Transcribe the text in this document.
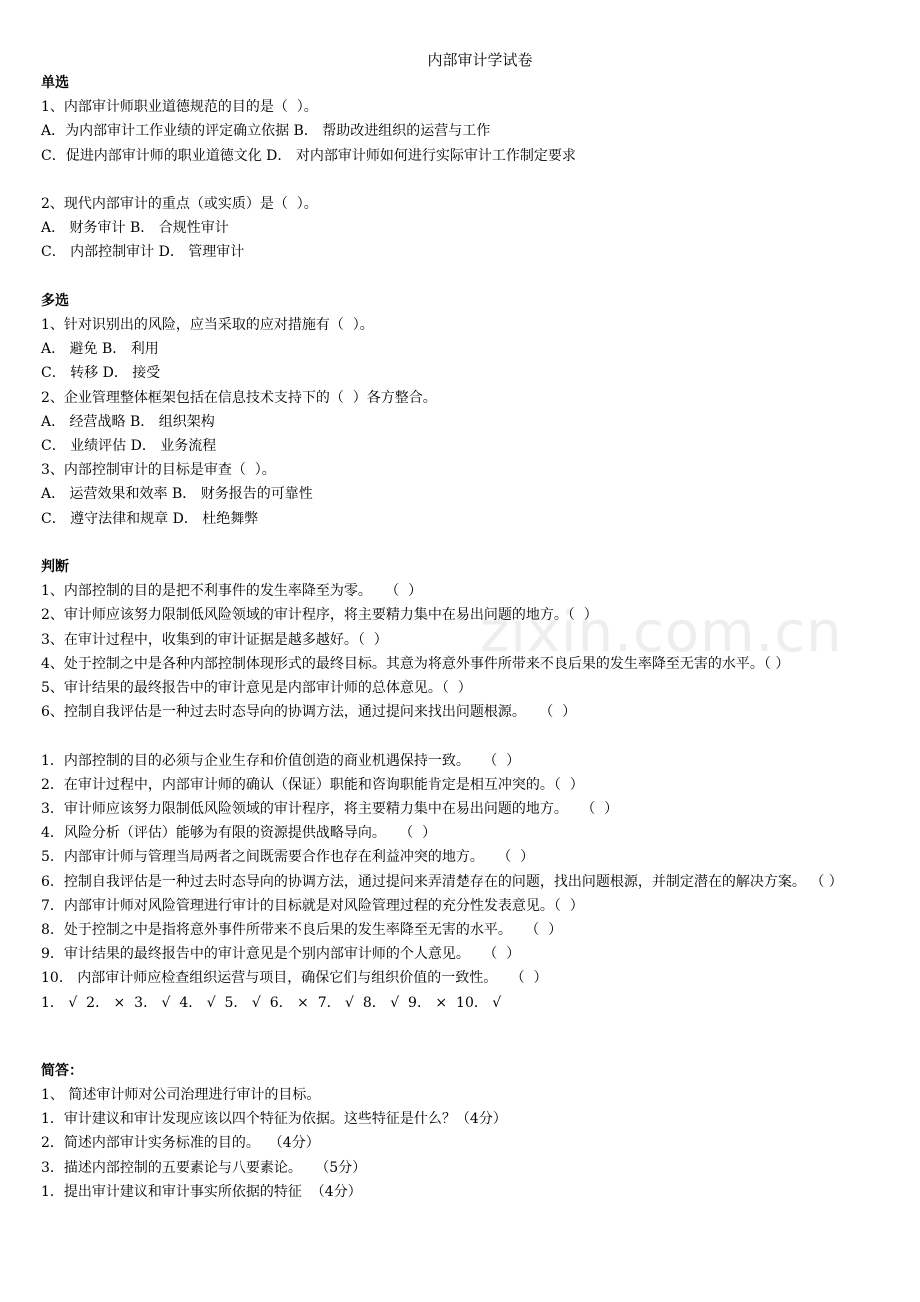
zixin.com.cn
内部审计学试卷
单选
1、内部审计师职业道德规范的目的是（  ）。
A．为内部审计工作业绩的评定确立依据 B． 帮助改进组织的运营与工作
C．促进内部审计师的职业道德文化 D． 对内部审计师如何进行实际审计工作制定要求
2、现代内部审计的重点（或实质）是（  ）。
A． 财务审计 B． 合规性审计
C． 内部控制审计 D． 管理审计
多选
1、针对识别出的风险，应当采取的应对措施有（  ）。
A． 避免 B． 利用
C． 转移 D． 接受
2、企业管理整体框架包括在信息技术支持下的（  ）各方整合。
A． 经营战略 B． 组织架构
C． 业绩评估 D． 业务流程
3、内部控制审计的目标是审查（  ）。
A． 运营效果和效率 B． 财务报告的可靠性
C． 遵守法律和规章 D． 杜绝舞弊
判断
1、内部控制的目的是把不利事件的发生率降至为零。   （  ）
2、审计师应该努力限制低风险领域的审计程序，将主要精力集中在易出问题的地方。（  ）
3、在审计过程中，收集到的审计证据是越多越好。（  ）
4、处于控制之中是各种内部控制体现形式的最终目标。其意为将意外事件所带来不良后果的发生率降至无害的水平。（ ）
5、审计结果的最终报告中的审计意见是内部审计师的总体意见。（  ）
6、控制自我评估是一种过去时态导向的协调方法，通过提问来找出问题根源。   （  ）
1．内部控制的目的必须与企业生存和价值创造的商业机遇保持一致。   （  ）
2．在审计过程中，内部审计师的确认（保证）职能和咨询职能肯定是相互冲突的。（  ）
3．审计师应该努力限制低风险领域的审计程序，将主要精力集中在易出问题的地方。   （  ）
4．风险分析（评估）能够为有限的资源提供战略导向。   （  ）
5．内部审计师与管理当局两者之间既需要合作也存在利益冲突的地方。   （  ）
6．控制自我评估是一种过去时态导向的协调方法，通过提问来弄清楚存在的问题，找出问题根源，并制定潜在的解决方案。 （ ）
7．内部审计师对风险管理进行审计的目标就是对风险管理过程的充分性发表意见。（  ）
8．处于控制之中是指将意外事件所带来不良后果的发生率降至无害的水平。   （  ）
9．审计结果的最终报告中的审计意见是个别内部审计师的个人意见。   （  ）
10． 内部审计师应检查组织运营与项目，确保它们与组织价值的一致性。   （  ）
1． √  2． ×  3． √  4． √  5． √  6． ×  7． √  8． √  9． ×  10． √
简答：
1、 简述审计师对公司治理进行审计的目标。
1．审计建议和审计发现应该以四个特征为依据。这些特征是什么？（4分）
2．简述内部审计实务标准的目的。  （4分）
3．描述内部控制的五要素论与八要素论。   （5分）
1．提出审计建议和审计事实所依据的特征  （4分）
